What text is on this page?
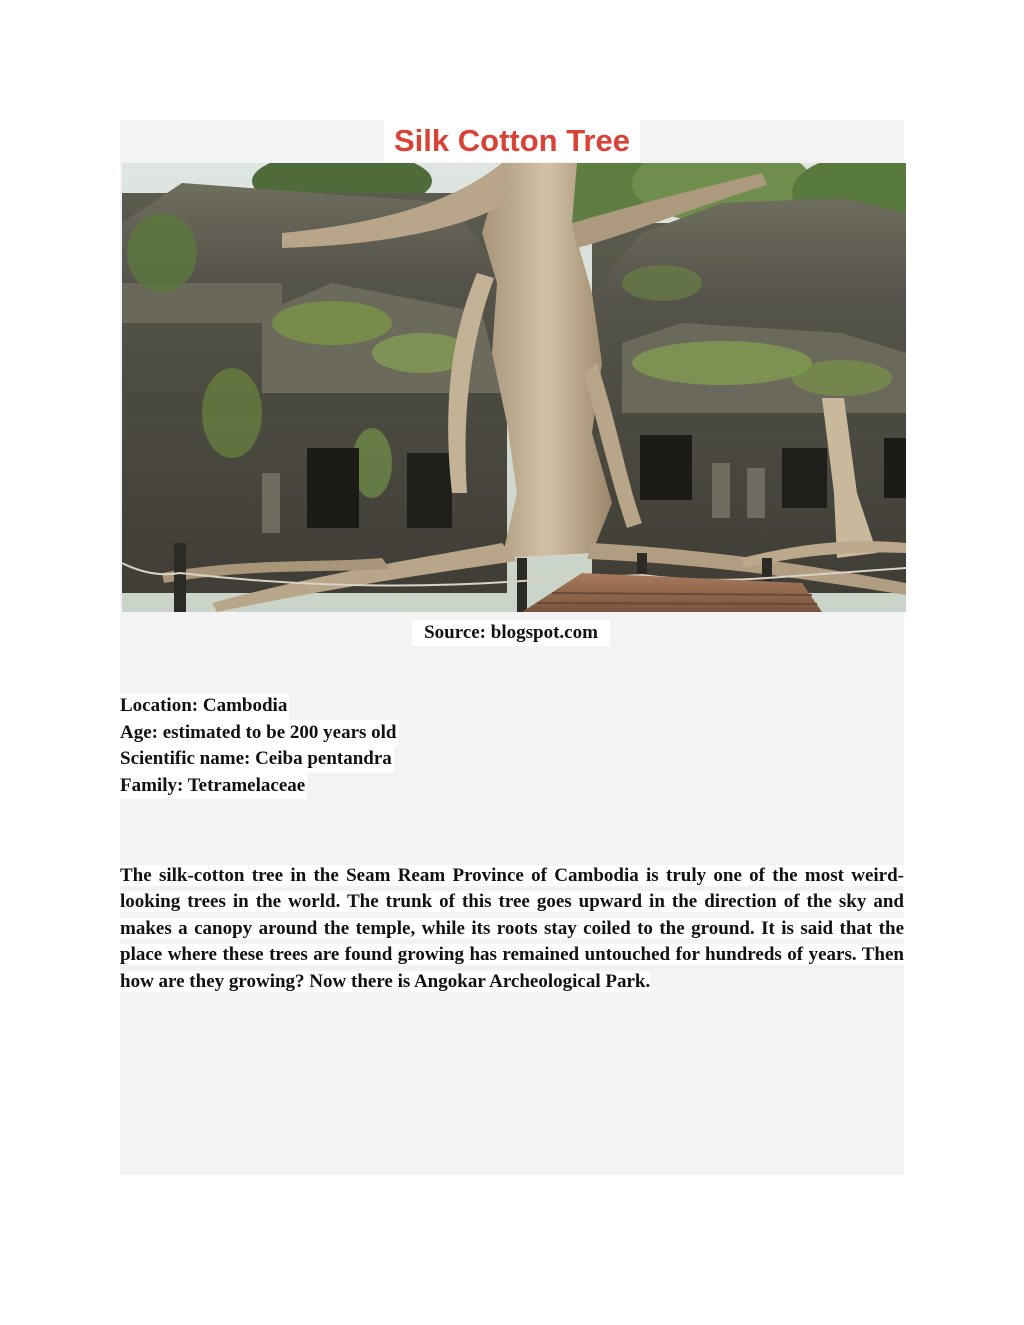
Silk Cotton Tree
Source: blogspot.com
Location: Cambodia
Age: estimated to be 200 years old
Scientific name: Ceiba pentandra
Family: Tetramelaceae
The silk-cotton tree in the Seam Ream Province of Cambodia is truly one of the most weird-looking trees in the world. The trunk of this tree goes upward in the direction of the sky and makes a canopy around the temple, while its roots stay coiled to the ground. It is said that the place where these trees are found growing has remained untouched for hundreds of years. Then how are they growing? Now there is Angokar Archeological Park.
